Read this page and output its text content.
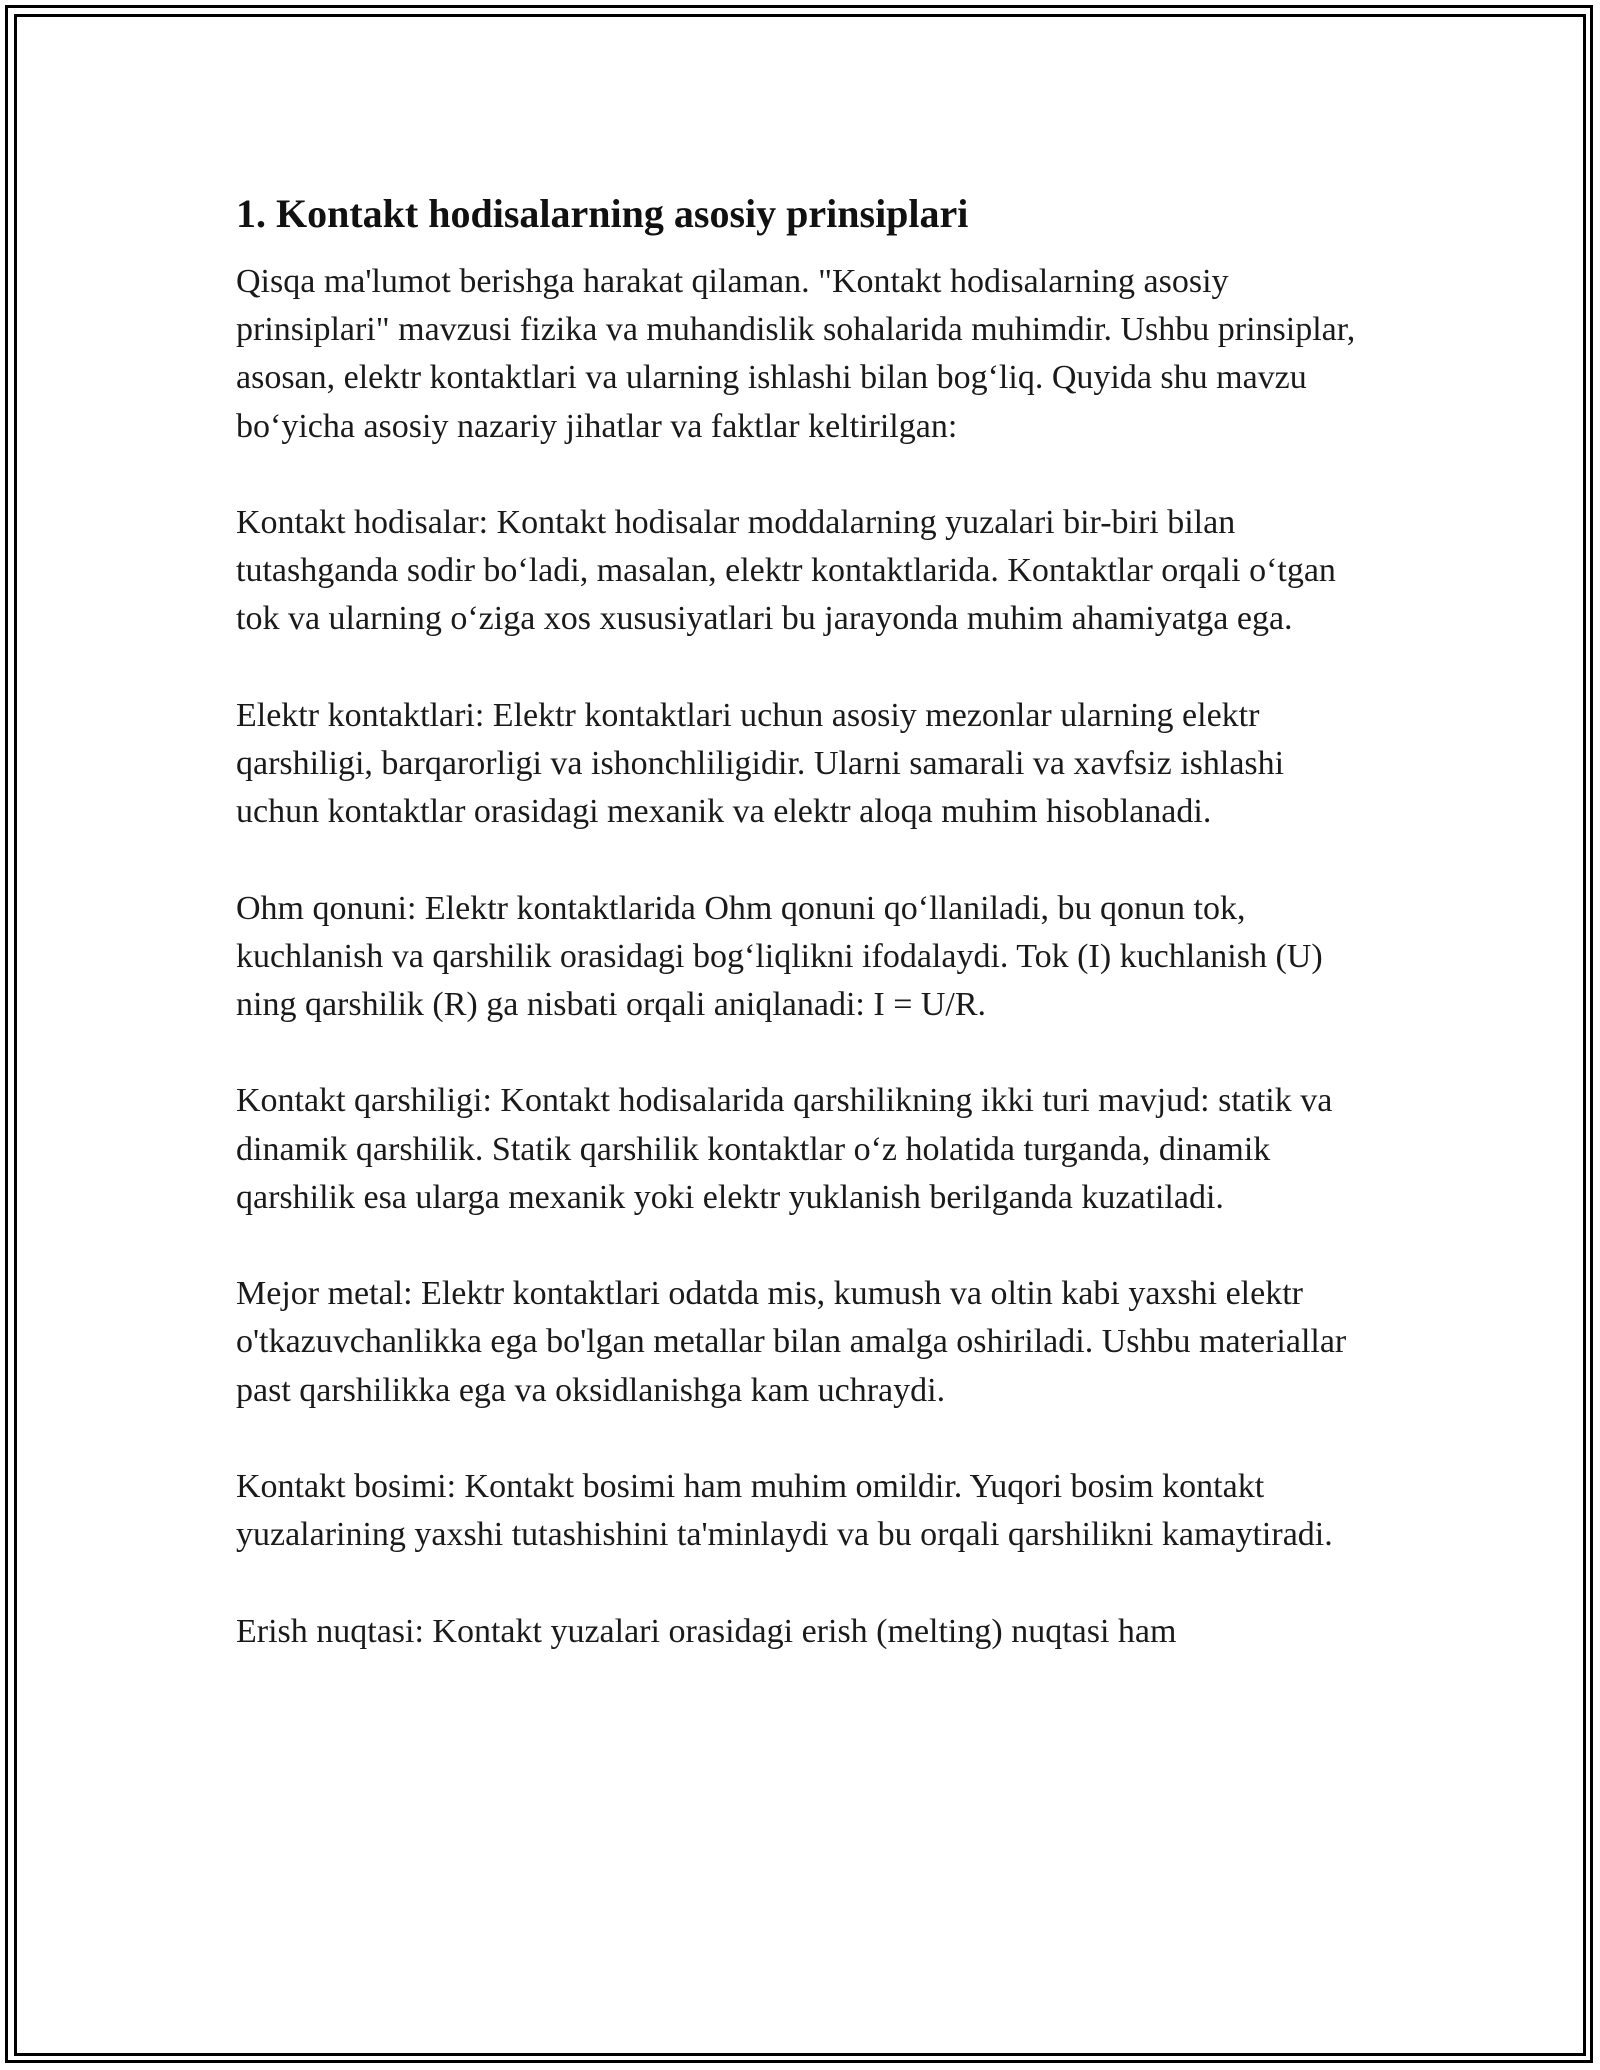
1. Kontakt hodisalarning asosiy prinsiplari

Qisqa ma'lumot berishga harakat qilaman. "Kontakt hodisalarning asosiy prinsiplari" mavzusi fizika va muhandislik sohalarida muhimdir. Ushbu prinsiplar, asosan, elektr kontaktlari va ularning ishlashi bilan bog‘liq. Quyida shu mavzu bo‘yicha asosiy nazariy jihatlar va faktlar keltirilgan:

Kontakt hodisalar: Kontakt hodisalar moddalarning yuzalari bir-biri bilan tutashganda sodir bo‘ladi, masalan, elektr kontaktlarida. Kontaktlar orqali o‘tgan tok va ularning o‘ziga xos xususiyatlari bu jarayonda muhim ahamiyatga ega.

Elektr kontaktlari: Elektr kontaktlari uchun asosiy mezonlar ularning elektr qarshiligi, barqarorligi va ishonchliligidir. Ularni samarali va xavfsiz ishlashi uchun kontaktlar orasidagi mexanik va elektr aloqa muhim hisoblanadi.

Ohm qonuni: Elektr kontaktlarida Ohm qonuni qo‘llaniladi, bu qonun tok, kuchlanish va qarshilik orasidagi bog‘liqlikni ifodalaydi. Tok (I) kuchlanish (U) ning qarshilik (R) ga nisbati orqali aniqlanadi: I = U/R.

Kontakt qarshiligi: Kontakt hodisalarida qarshilikning ikki turi mavjud: statik va dinamik qarshilik. Statik qarshilik kontaktlar o‘z holatida turganda, dinamik qarshilik esa ularga mexanik yoki elektr yuklanish berilganda kuzatiladi.

Mejor metal: Elektr kontaktlari odatda mis, kumush va oltin kabi yaxshi elektr o'tkazuvchanlikka ega bo'lgan metallar bilan amalga oshiriladi. Ushbu materiallar past qarshilikka ega va oksidlanishga kam uchraydi.

Kontakt bosimi: Kontakt bosimi ham muhim omildir. Yuqori bosim kontakt yuzalarining yaxshi tutashishini ta'minlaydi va bu orqali qarshilikni kamaytiradi.

Erish nuqtasi: Kontakt yuzalari orasidagi erish (melting) nuqtasi ham
